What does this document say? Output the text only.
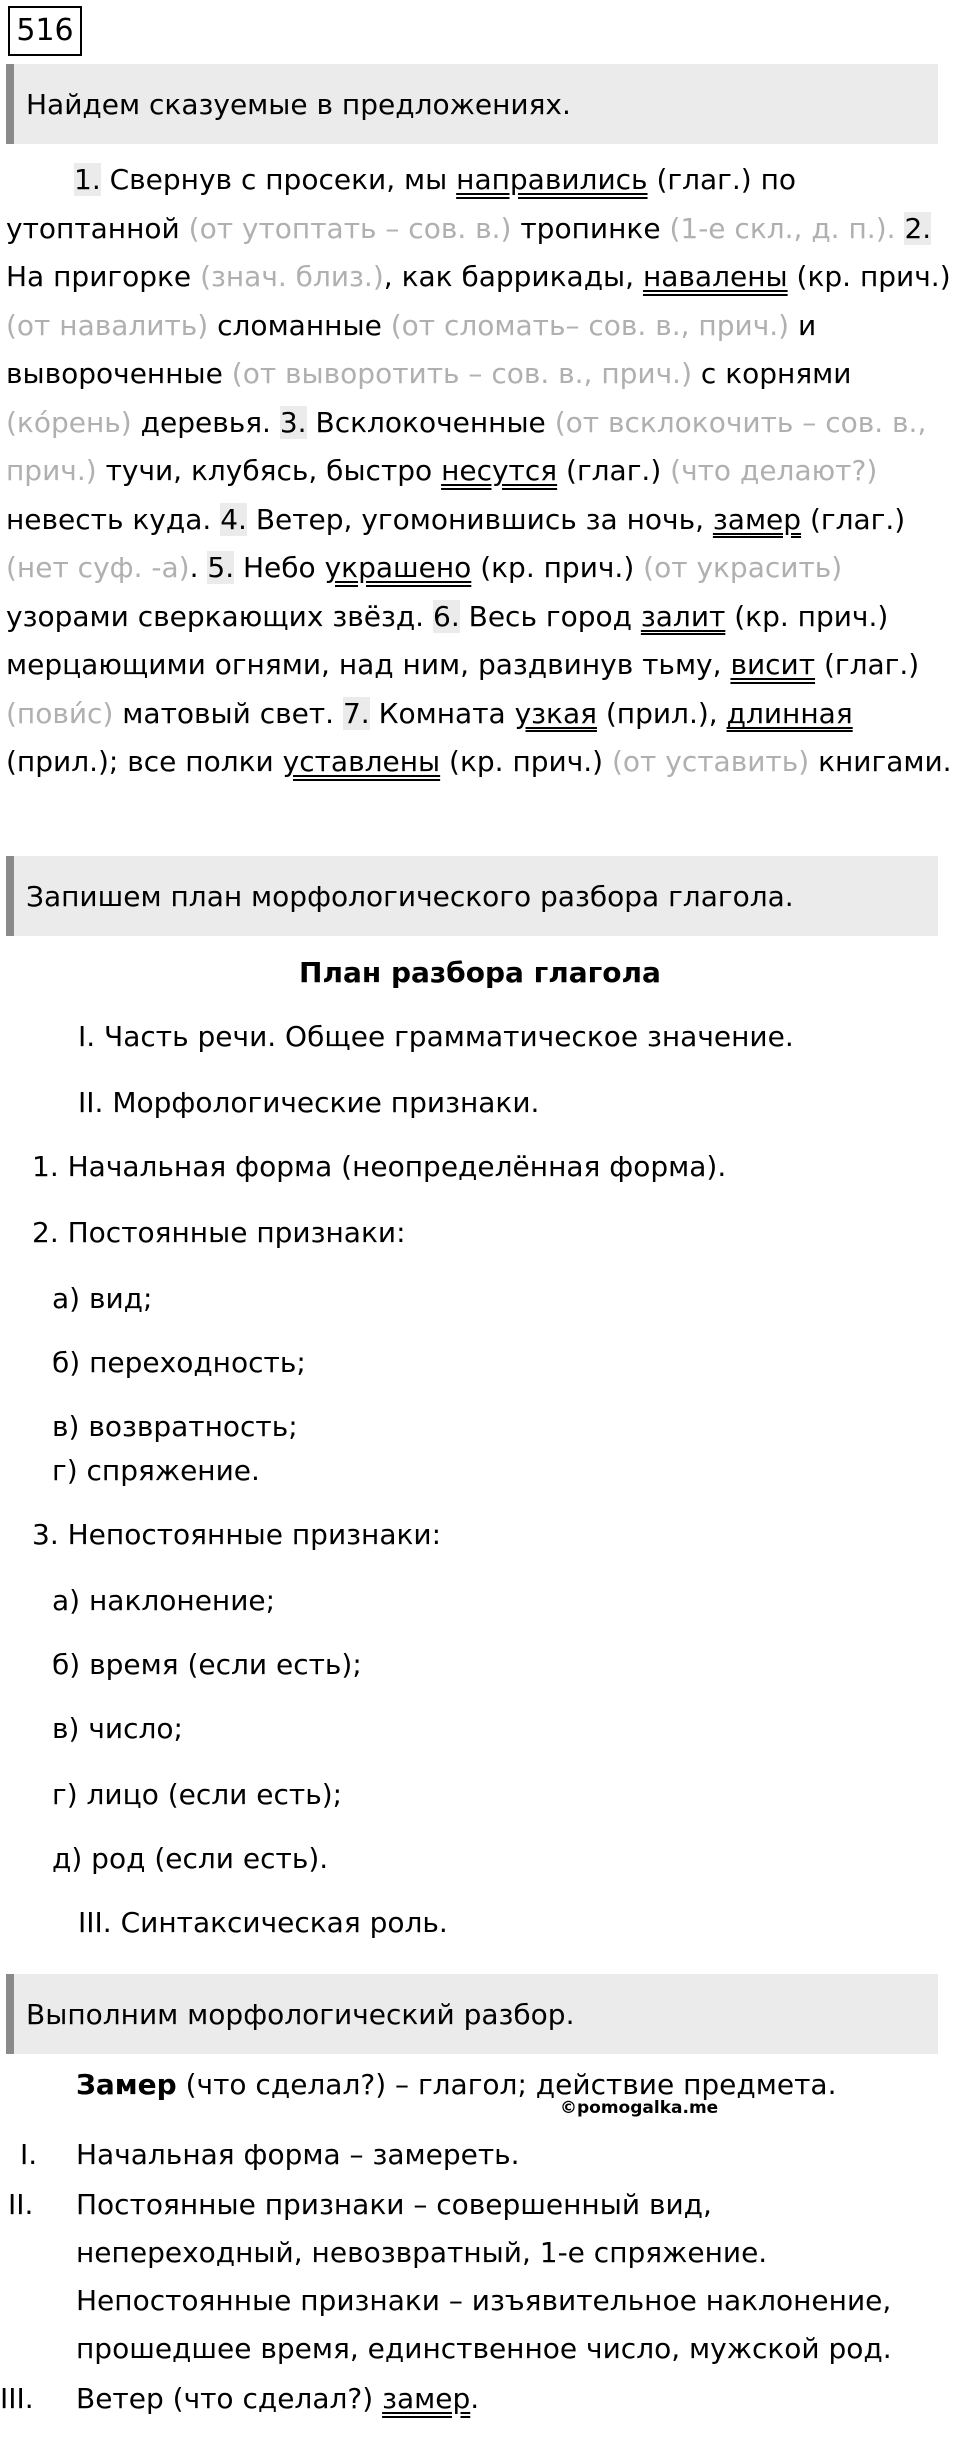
516
Найдем сказуемые в предложениях.
1. Свернув с просеки, мы направились (глаг.) по утоптанной (от утоптать – сов. в.) тропинке (1-е скл., д. п.). 2. На пригорке (знач. близ.), как баррикады, навалены (кр. прич.) (от навалить) сломанные (от сломать– сов. в., прич.) и вывороченные (от выворотить – сов. в., прич.) с корнями (ко́рень) деревья. 3. Всклокоченные (от всклокочить – сов. в., прич.) тучи, клубясь, быстро несутся (глаг.) (что делают?) невесть куда. 4. Ветер, угомонившись за ночь, замер (глаг.) (нет суф. -а). 5. Небо украшено (кр. прич.) (от украсить) узорами сверкающих звёзд. 6. Весь город залит (кр. прич.) мерцающими огнями, над ним, раздвинув тьму, висит (глаг.) (пови́с) матовый свет. 7. Комната узкая (прил.), длинная (прил.); все полки уставлены (кр. прич.) (от уставить) книгами.
Запишем план морфологического разбора глагола.
План разбора глагола
I. Часть речи. Общее грамматическое значение.
II. Морфологические признаки.
1. Начальная форма (неопределённая форма).
2. Постоянные признаки:
а) вид;
б) переходность;
в) возвратность;
г) спряжение.
3. Непостоянные признаки:
а) наклонение;
б) время (если есть);
в) число;
г) лицо (если есть);
д) род (если есть).
III. Синтаксическая роль.
Выполним морфологический разбор.
Замер (что сделал?) – глагол; действие предмета.
©pomogalka.me
I. Начальная форма – замереть.
II. Постоянные признаки – совершенный вид,
непереходный, невозвратный, 1-е спряжение.
Непостоянные признаки – изъявительное наклонение,
прошедшее время, единственное число, мужской род.
III. Ветер (что сделал?) замер.
